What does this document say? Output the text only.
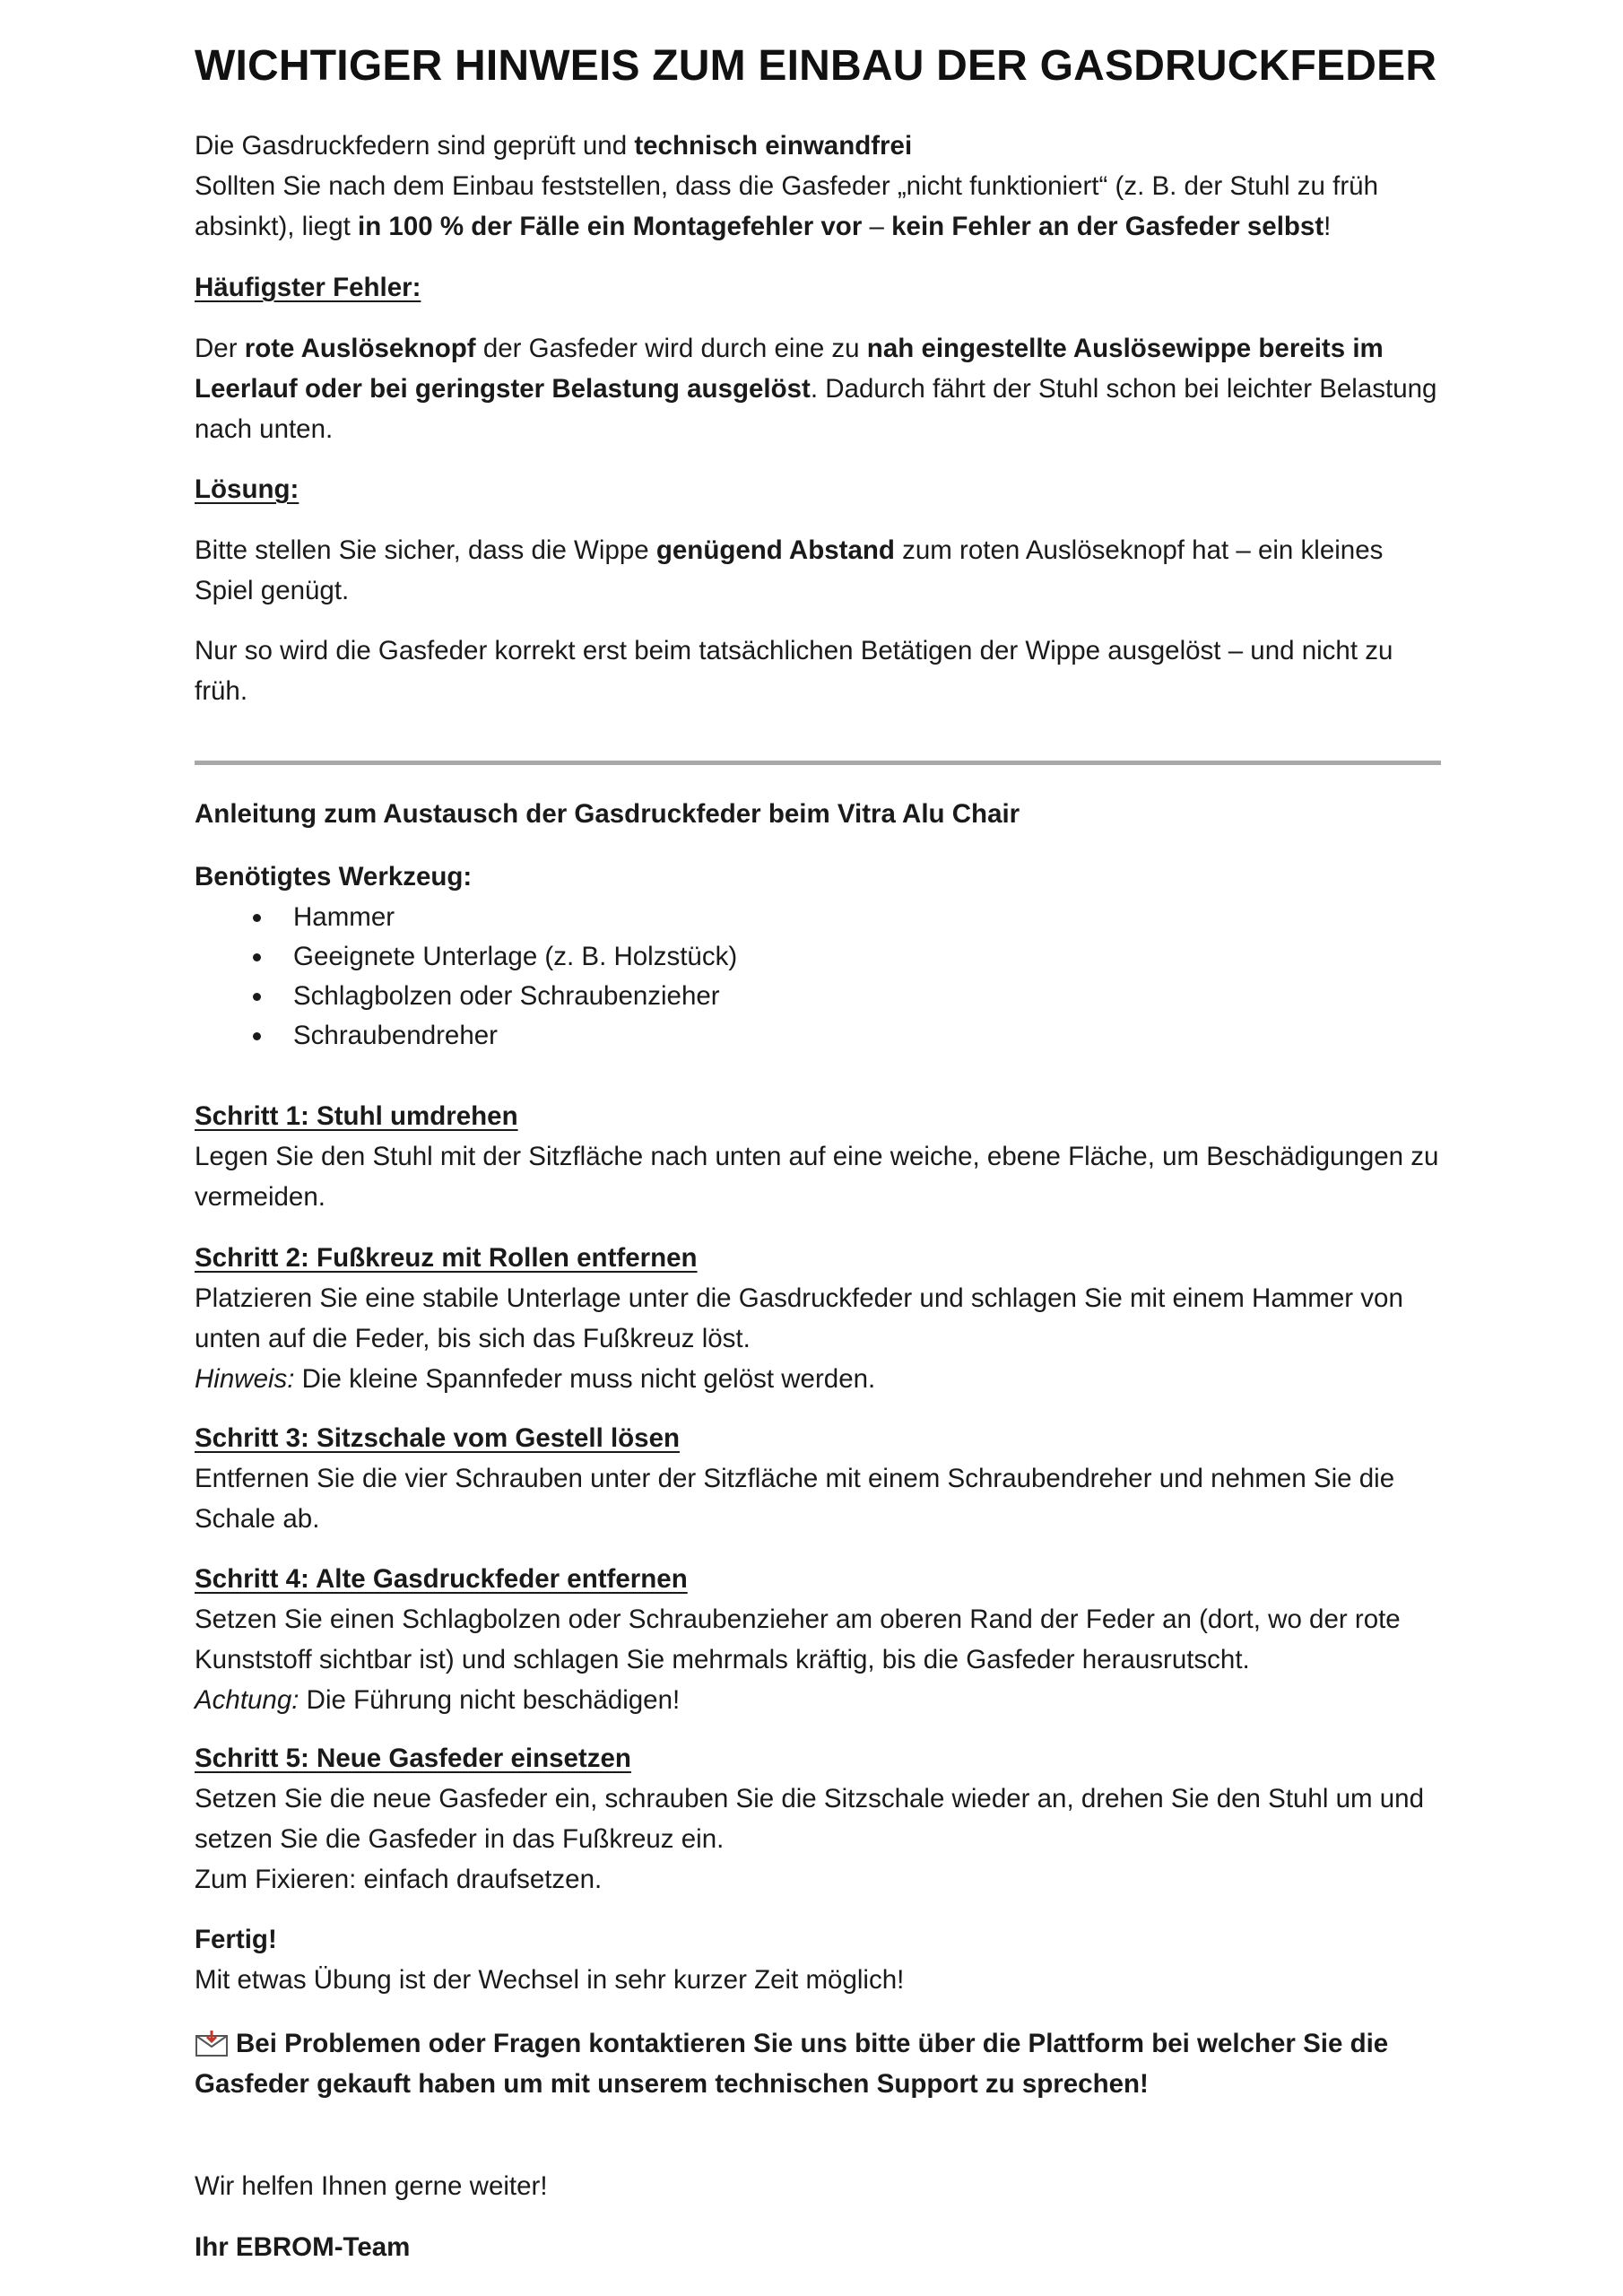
WICHTIGER HINWEIS ZUM EINBAU DER GASDRUCKFEDER

Die Gasdruckfedern sind geprüft und technisch einwandfrei

Sollten Sie nach dem Einbau feststellen, dass die Gasfeder „nicht funktioniert“ (z. B. der Stuhl zu früh absinkt), liegt in 100 % der Fälle ein Montagefehler vor – kein Fehler an der Gasfeder selbst!

Häufigster Fehler:

Der rote Auslöseknopf der Gasfeder wird durch eine zu nah eingestellte Auslösewippe bereits im Leerlauf oder bei geringster Belastung ausgelöst. Dadurch fährt der Stuhl schon bei leichter Belastung nach unten.

Lösung:

Bitte stellen Sie sicher, dass die Wippe genügend Abstand zum roten Auslöseknopf hat – ein kleines Spiel genügt.

Nur so wird die Gasfeder korrekt erst beim tatsächlichen Betätigen der Wippe ausgelöst – und nicht zu früh.

Anleitung zum Austausch der Gasdruckfeder beim Vitra Alu Chair
Benötigtes Werkzeug:
Hammer
Geeignete Unterlage (z. B. Holzstück)
Schlagbolzen oder Schraubenzieher
Schraubendreher

Schritt 1: Stuhl umdrehen

Legen Sie den Stuhl mit der Sitzfläche nach unten auf eine weiche, ebene Fläche, um Beschädigungen zu vermeiden.

Schritt 2: Fußkreuz mit Rollen entfernen

Platzieren Sie eine stabile Unterlage unter die Gasdruckfeder und schlagen Sie mit einem Hammer von unten auf die Feder, bis sich das Fußkreuz löst.

Hinweis: Die kleine Spannfeder muss nicht gelöst werden.

Schritt 3: Sitzschale vom Gestell lösen

Entfernen Sie die vier Schrauben unter der Sitzfläche mit einem Schraubendreher und nehmen Sie die Schale ab.

Schritt 4: Alte Gasdruckfeder entfernen

Setzen Sie einen Schlagbolzen oder Schraubenzieher am oberen Rand der Feder an (dort, wo der rote Kunststoff sichtbar ist) und schlagen Sie mehrmals kräftig, bis die Gasfeder herausrutscht.

Achtung: Die Führung nicht beschädigen!

Schritt 5: Neue Gasfeder einsetzen

Setzen Sie die neue Gasfeder ein, schrauben Sie die Sitzschale wieder an, drehen Sie den Stuhl um und setzen Sie die Gasfeder in das Fußkreuz ein.

Zum Fixieren: einfach draufsetzen.

Fertig!

Mit etwas Übung ist der Wechsel in sehr kurzer Zeit möglich!

Bei Problemen oder Fragen kontaktieren Sie uns bitte über die Plattform bei welcher Sie die Gasfeder gekauft haben um mit unserem technischen Support zu sprechen!

Wir helfen Ihnen gerne weiter!

Ihr EBROM-Team
